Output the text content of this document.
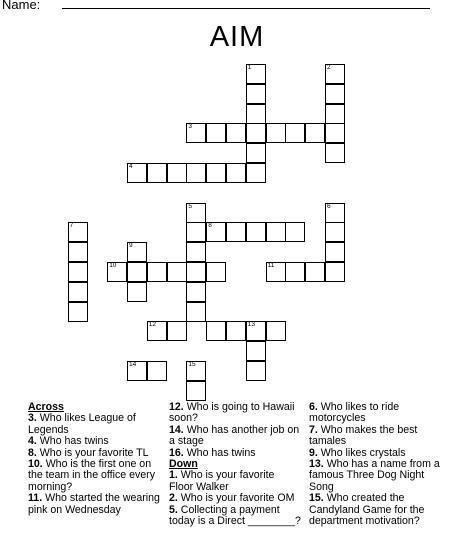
Name:
AIM
1	2
3
4
5	6
7	8
9
10	11
12	13
14	15

Across

3. Who likes League of Legends

4. Who has twins

8. Who is your favorite TL

10. Who is the first one on the team in the office every morning?

11. Who started the wearing pink on Wednesday

12. Who is going to Hawaii soon?

14. Who has another job on a stage

16. Who has twins

Down

1. Who is your favorite Floor Walker

2. Who is your favorite OM

5. Collecting a payment today is a Direct ________?

6. Who likes to ride motorcycles

7. Who makes the best tamales

9. Who likes crystals

13. Who has a name from a famous Three Dog Night Song

15. Who created the Candyland Game for the department motivation?
